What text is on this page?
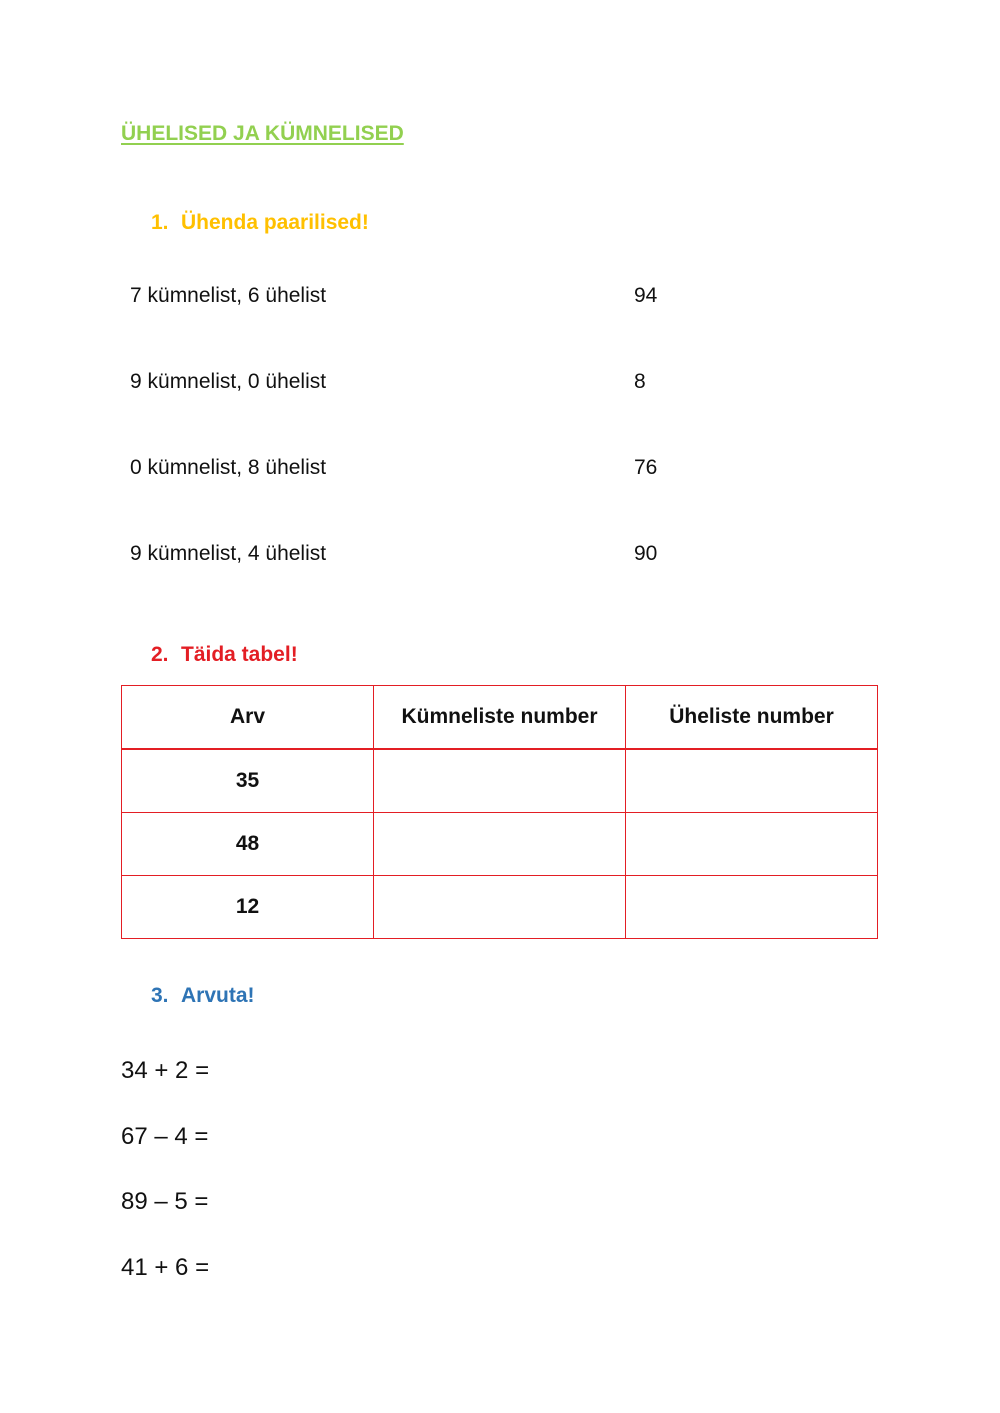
ÜHELISED JA KÜMNELISED
1. Ühenda paarilised!
7 kümnelist, 6 ühelist	94
9 kümnelist, 0 ühelist	8
0 kümnelist, 8 ühelist	76
9 kümnelist, 4 ühelist	90
2. Täida tabel!
Arv	Kümneliste number	Üheliste number
35		
48		
12		
3. Arvuta!
34 + 2 =
67 – 4 =
89 – 5 =
41 + 6 =
